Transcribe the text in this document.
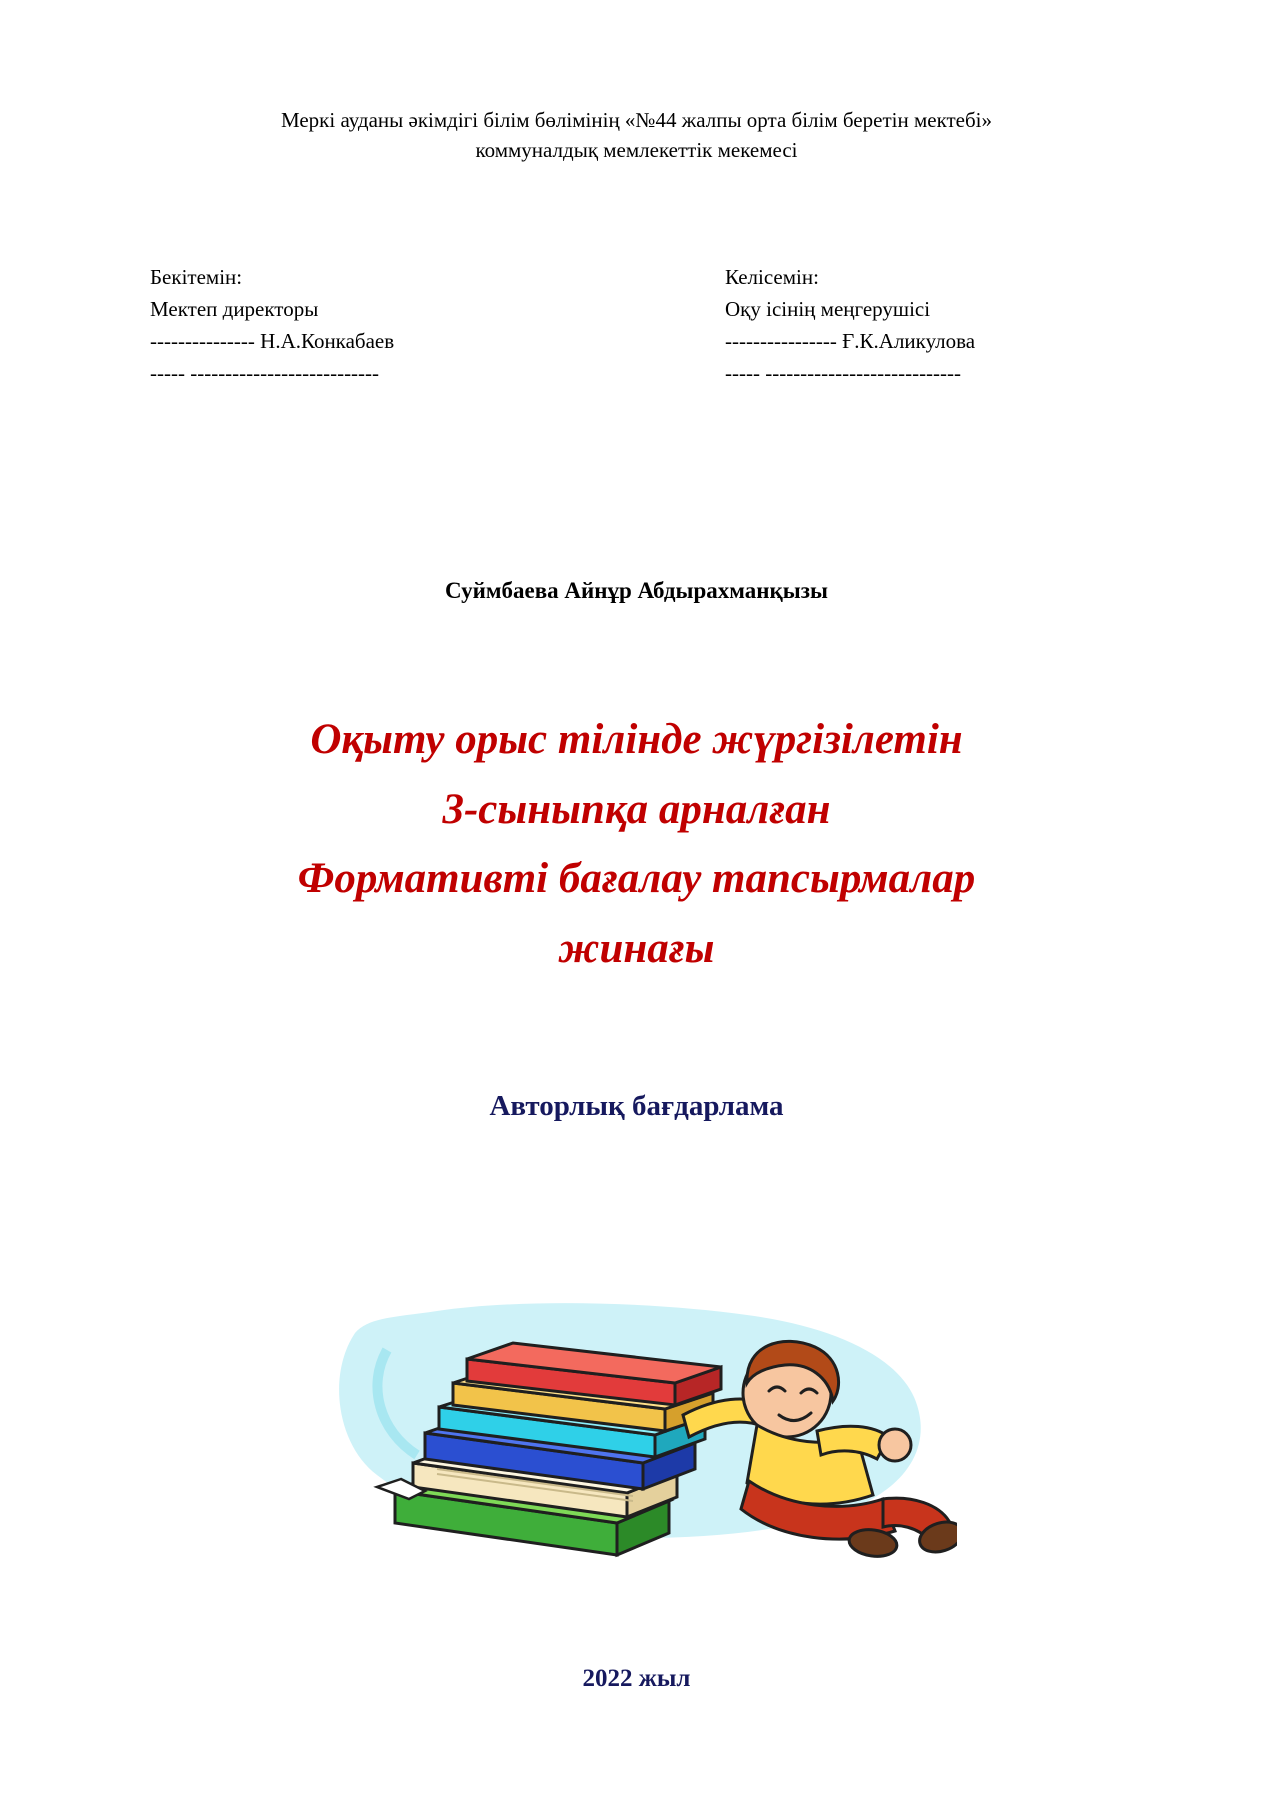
Меркі ауданы әкімдігі білім бөлімінің «№44 жалпы орта білім беретін мектебі»
коммуналдық мемлекеттік мекемесі
Бекітемін:
Мектеп директоры
--------------- Н.А.Конкабаев
----- ---------------------------
Келісемін:
Оқу ісінің меңгерушісі
---------------- Ғ.К.Аликулова
----- ----------------------------
Суймбаева Айнұр Абдырахманқызы
Оқыту орыс тілінде жүргізілетін
3-сыныпқа арналған
Формативті бағалау тапсырмалар
жинағы
Авторлық бағдарлама
2022 жыл
